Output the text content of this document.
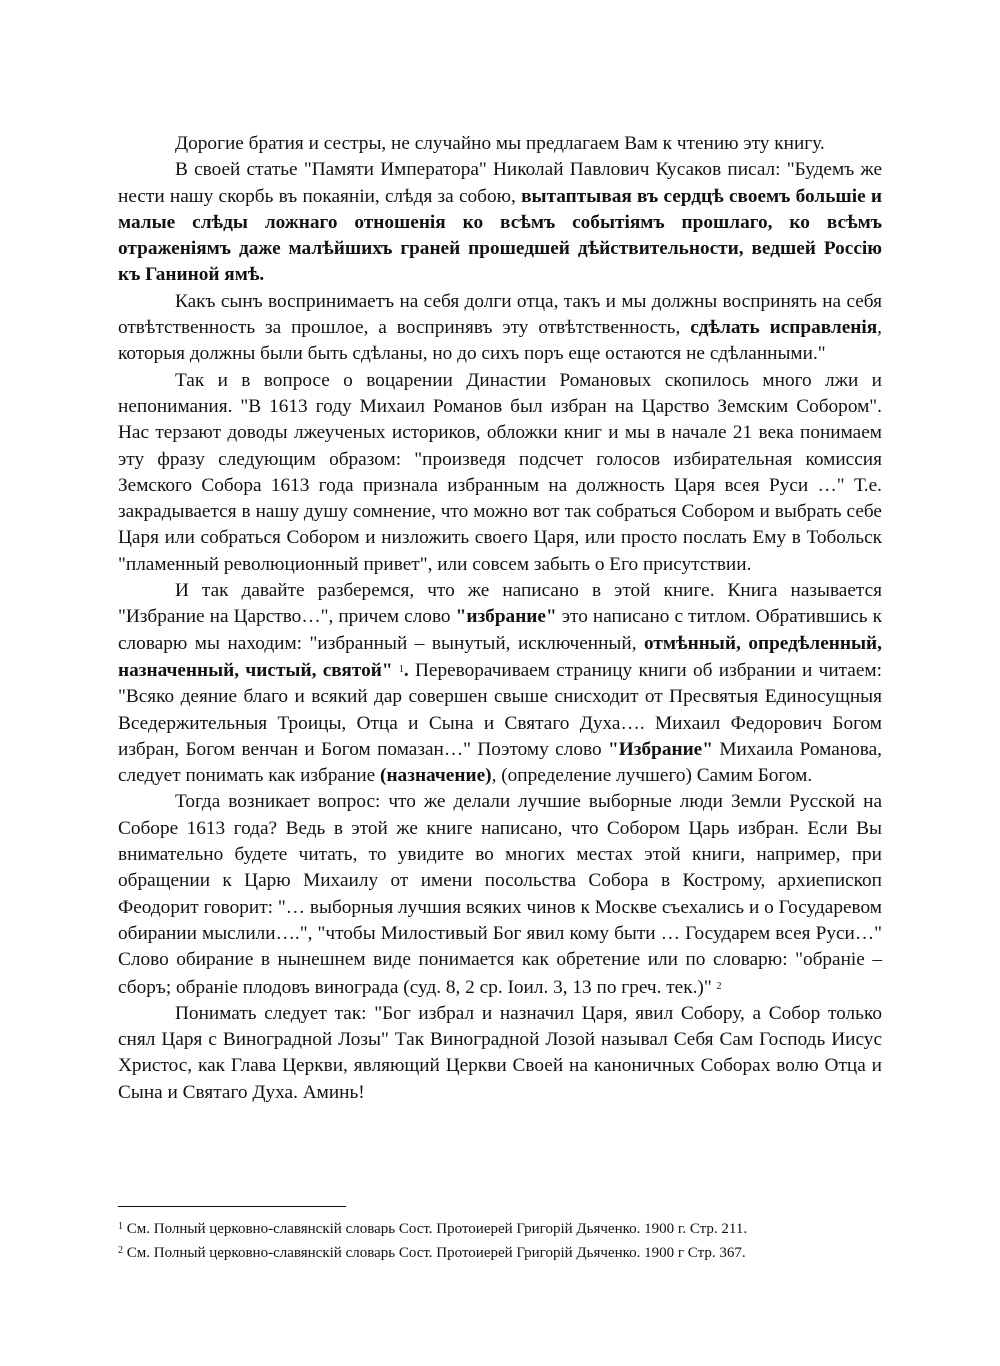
Дорогие братия и сестры, не случайно мы предлагаем Вам к чтению эту книгу.

В своей статье "Памяти Императора" Николай Павлович Кусаков писал: "Будемъ же нести нашу скорбь въ покаяніи, слѣдя за собою, вытаптывая въ сердцѣ своемъ большіе и малые слѣды ложнаго отношенія ко всѣмъ событіямъ прошлаго, ко всѣмъ отраженіямъ даже малѣйшихъ граней прошедшей дѣйствительности, ведшей Россію къ Ганиной ямѣ.

Какъ сынъ воспринимаетъ на себя долги отца, такъ и мы должны воспринять на себя отвѣтственность за прошлое, а воспринявъ эту отвѣтственность, сдѣлать исправленія, которыя должны были быть сдѣланы, но до сихъ поръ еще остаются не сдѣланными."

Так и в вопросе о воцарении Династии Романовых скопилось много лжи и непонимания. "В 1613 году Михаил Романов был избран на Царство Земским Собором". Нас терзают доводы лжеученых историков, обложки книг и мы в начале 21 века понимаем эту фразу следующим образом: "произведя подсчет голосов избирательная комиссия Земского Собора 1613 года признала избранным на должность Царя всея Руси …" Т.е. закрадывается в нашу душу сомнение, что можно вот так собраться Собором и выбрать себе Царя или собраться Собором и низложить своего Царя, или просто послать Ему в Тобольск "пламенный революционный привет", или совсем забыть о Его присутствии.

И так давайте разберемся, что же написано в этой книге. Книга называется "Избрание на Царство…", причем слово "избрание" это написано с титлом. Обратившись к словарю мы находим: "избранный – вынутый, исключенный, отмѣнный, опредѣленный, назначенный, чистый, святой" $^1$. Переворачиваем страницу книги об избрании и читаем: "Всяко деяние благо и всякий дар совершен свыше снисходит от Пресвятыя Единосущныя Вседержительныя Троицы, Отца и Сына и Святаго Духа…. Михаил Федорович Богом избран, Богом венчан и Богом помазан…" Поэтому слово "Избрание" Михаила Романова, следует понимать как избрание (назначение), (определение лучшего) Самим Богом.

Тогда возникает вопрос: что же делали лучшие выборные люди Земли Русской на Соборе 1613 года? Ведь в этой же книге написано, что Собором Царь избран. Если Вы внимательно будете читать, то увидите во многих местах этой книги, например, при обращении к Царю Михаилу от имени посольства Собора в Кострому, архиепископ Феодорит говорит: "… выборныя лучшия всяких чинов к Москве съехались и о Государевом обирании мыслили….", "чтобы Милостивый Бог явил кому быти … Государем всея Руси…" Слово обирание в нынешнем виде понимается как обретение или по словарю: "обраніе – сборъ; обраніе плодовъ винограда (суд. 8, 2 ср. Іоил. 3, 13 по греч. тек.)" $^2$

Понимать следует так: "Бог избрал и назначил Царя, явил Собору, а Собор только снял Царя с Виноградной Лозы" Так Виноградной Лозой называл Себя Сам Господь Иисус Христос, как Глава Церкви, являющий Церкви Своей на каноничных Соборах волю Отца и Сына и Святаго Духа. Аминь!

$^1$ См. Полный церковно-славянскій словарь Сост. Протоиерей Григорій Дьяченко. 1900 г. Стр. 211.
$^2$ См. Полный церковно-славянскій словарь Сост. Протоиерей Григорій Дьяченко. 1900 г Стр. 367.
